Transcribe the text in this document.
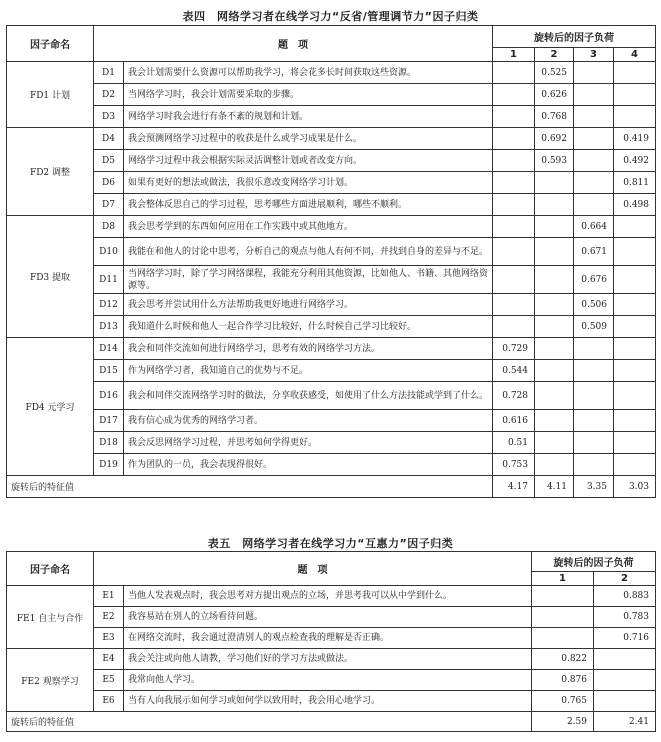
表四　网络学习者在线学习力“反省/管理调节力”因子归类
因子命名	题　项		旋转后的因子负荷			
			1	2	3	4
FD1 计划	D1	我会计划需要什么资源可以帮助我学习，将会花多长时间获取这些资源。		0.525		
	D2	当网络学习时，我会计划需要采取的步骤。		0.626		
	D3	网络学习时我会进行有条不紊的规划和计划。		0.768		
FD2 调整	D4	我会预测网络学习过程中的收获是什么或学习成果是什么。		0.692		0.419
	D5	网络学习过程中我会根据实际灵活调整计划或者改变方向。		0.593		0.492
	D6	如果有更好的想法或做法，我很乐意改变网络学习计划。				0.811
	D7	我会整体反思自己的学习过程，思考哪些方面进展顺利，哪些不顺利。				0.498
FD3 提取	D8	我会思考学到的东西如何应用在工作实践中或其他地方。			0.664	
	D10	我能在和他人的讨论中思考，分析自己的观点与他人有何不同，并找到自身的差异与不足。			0.671	
	D11	当网络学习时，除了学习网络课程，我能充分利用其他资源，比如他人、书籍、其他网络资源等。			0.676	
	D12	我会思考并尝试用什么方法帮助我更好地进行网络学习。			0.506	
	D13	我知道什么时候和他人一起合作学习比较好，什么时候自己学习比较好。			0.509	
FD4 元学习	D14	我会和同伴交流如何进行网络学习，思考有效的网络学习方法。	0.729			
	D15	作为网络学习者，我知道自己的优势与不足。	0.544			
	D16	我会和同伴交流网络学习时的做法，分享收获感受，如使用了什么方法技能或学到了什么。	0.728			
	D17	我有信心成为优秀的网络学习者。	0.616			
	D18	我会反思网络学习过程，并思考如何学得更好。	0.51			
	D19	作为团队的一员，我会表现得很好。	0.753			
旋转后的特征值			4.17	4.11	3.35	3.03
表五　网络学习者在线学习力“互惠力”因子归类
因子命名	题　项		旋转后的因子负荷	
			1	2
FE1 自主与合作	E1	当他人发表观点时，我会思考对方提出观点的立场，并思考我可以从中学到什么。		0.883
	E2	我容易站在别人的立场看待问题。		0.783
	E3	在网络交流时，我会通过澄清别人的观点检查我的理解是否正确。		0.716
FE2 观察学习	E4	我会关注或向他人请教，学习他们好的学习方法或做法。	0.822	
	E5	我常向他人学习。	0.876	
	E6	当有人向我展示如何学习或如何学以致用时，我会用心地学习。	0.765	
旋转后的特征值			2.59	2.41
